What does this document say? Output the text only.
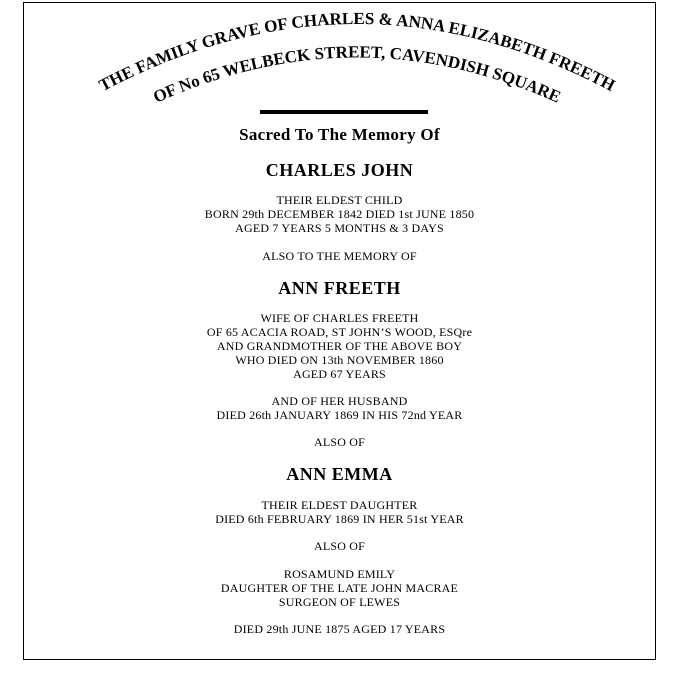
THE FAMILY GRAVE OF CHARLES & ANNA ELIZABETH FREETH
OF No 65 WELBECK STREET, CAVENDISH SQUARE
Sacred To The Memory Of
CHARLES JOHN
THEIR ELDEST CHILD
BORN 29th DECEMBER 1842 DIED 1st JUNE 1850
AGED 7 YEARS 5 MONTHS & 3 DAYS
ALSO TO THE MEMORY OF
ANN FREETH
WIFE OF CHARLES FREETH
OF 65 ACACIA ROAD, ST JOHN’S WOOD, ESQre
AND GRANDMOTHER OF THE ABOVE BOY
WHO DIED ON 13th NOVEMBER 1860
AGED 67 YEARS
AND OF HER HUSBAND
DIED 26th JANUARY 1869 IN HIS 72nd YEAR
ALSO OF
ANN EMMA
THEIR ELDEST DAUGHTER
DIED 6th FEBRUARY 1869 IN HER 51st YEAR
ALSO OF
ROSAMUND EMILY
DAUGHTER OF THE LATE JOHN MACRAE
SURGEON OF LEWES
DIED 29th JUNE 1875 AGED 17 YEARS
